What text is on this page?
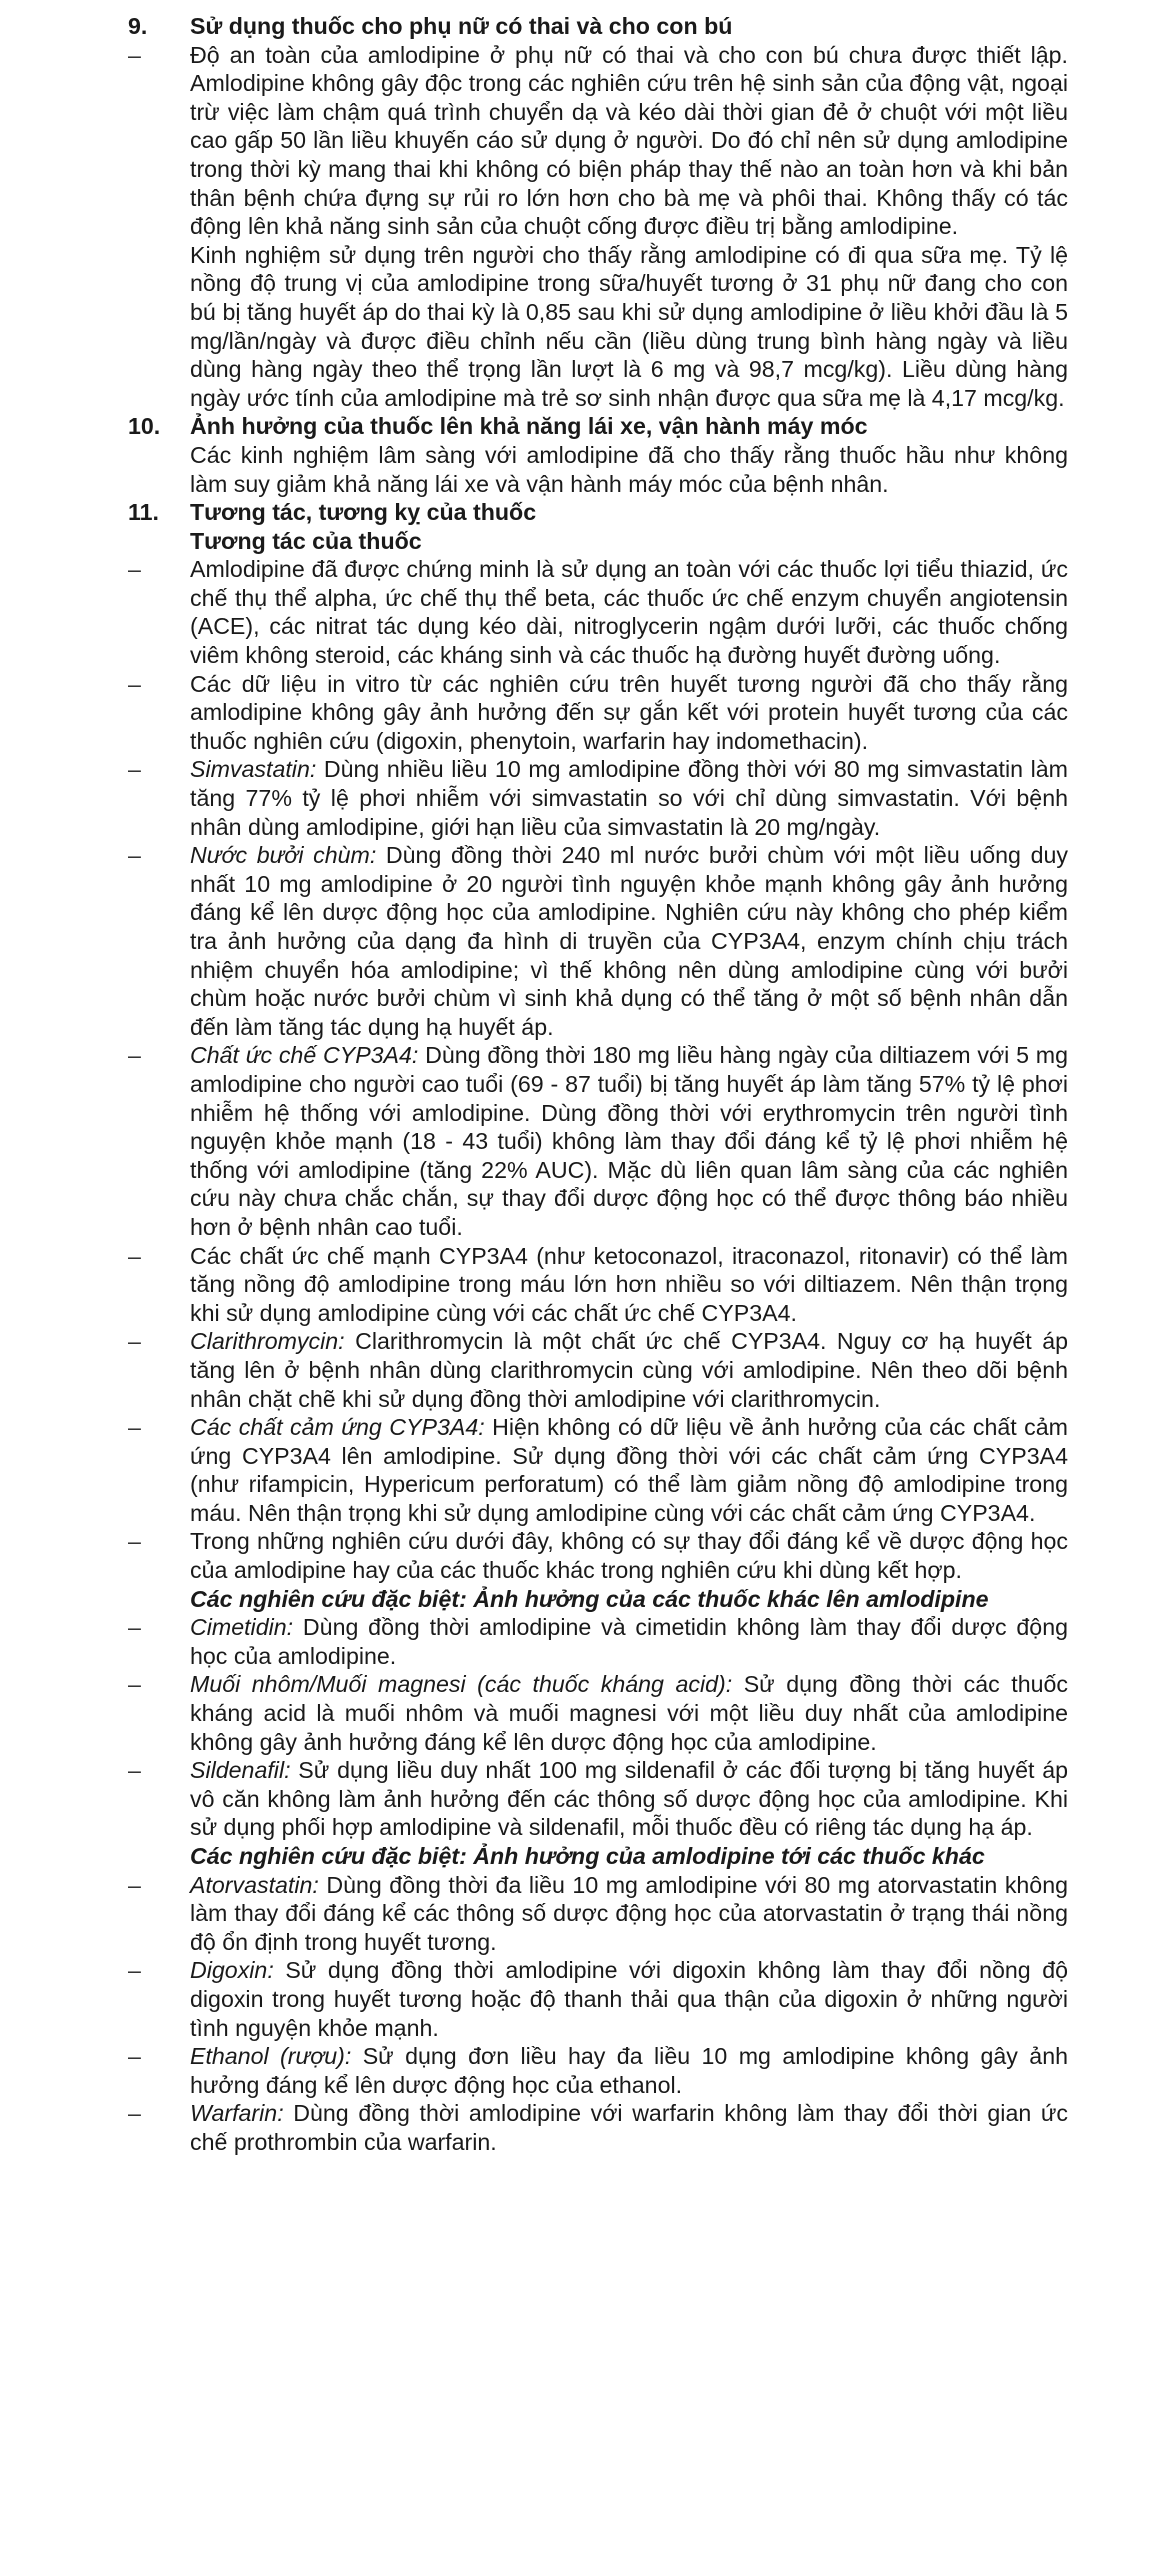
9.	Sử dụng thuốc cho phụ nữ có thai và cho con bú
–	Độ an toàn của amlodipine ở phụ nữ có thai và cho con bú chưa được thiết lập. Amlodipine không gây độc trong các nghiên cứu trên hệ sinh sản của động vật, ngoại trừ việc làm chậm quá trình chuyển dạ và kéo dài thời gian đẻ ở chuột với một liều cao gấp 50 lần liều khuyến cáo sử dụng ở người. Do đó chỉ nên sử dụng amlodipine trong thời kỳ mang thai khi không có biện pháp thay thế nào an toàn hơn và khi bản thân bệnh chứa đựng sự rủi ro lớn hơn cho bà mẹ và phôi thai. Không thấy có tác động lên khả năng sinh sản của chuột cống được điều trị bằng amlodipine.
Kinh nghiệm sử dụng trên người cho thấy rằng amlodipine có đi qua sữa mẹ. Tỷ lệ nồng độ trung vị của amlodipine trong sữa/huyết tương ở 31 phụ nữ đang cho con bú bị tăng huyết áp do thai kỳ là 0,85 sau khi sử dụng amlodipine ở liều khởi đầu là 5 mg/lần/ngày và được điều chỉnh nếu cần (liều dùng trung bình hàng ngày và liều dùng hàng ngày theo thể trọng lần lượt là 6 mg và 98,7 mcg/kg). Liều dùng hàng ngày ước tính của amlodipine mà trẻ sơ sinh nhận được qua sữa mẹ là 4,17 mcg/kg.
10.	Ảnh hưởng của thuốc lên khả năng lái xe, vận hành máy móc
Các kinh nghiệm lâm sàng với amlodipine đã cho thấy rằng thuốc hầu như không làm suy giảm khả năng lái xe và vận hành máy móc của bệnh nhân.
11.	Tương tác, tương kỵ của thuốc
Tương tác của thuốc
–	Amlodipine đã được chứng minh là sử dụng an toàn với các thuốc lợi tiểu thiazid, ức chế thụ thể alpha, ức chế thụ thể beta, các thuốc ức chế enzym chuyển angiotensin (ACE), các nitrat tác dụng kéo dài, nitroglycerin ngậm dưới lưỡi, các thuốc chống viêm không steroid, các kháng sinh và các thuốc hạ đường huyết đường uống.
–	Các dữ liệu in vitro từ các nghiên cứu trên huyết tương người đã cho thấy rằng amlodipine không gây ảnh hưởng đến sự gắn kết với protein huyết tương của các thuốc nghiên cứu (digoxin, phenytoin, warfarin hay indomethacin).
–	Simvastatin: Dùng nhiều liều 10 mg amlodipine đồng thời với 80 mg simvastatin làm tăng 77% tỷ lệ phơi nhiễm với simvastatin so với chỉ dùng simvastatin. Với bệnh nhân dùng amlodipine, giới hạn liều của simvastatin là 20 mg/ngày.
–	Nước bưởi chùm: Dùng đồng thời 240 ml nước bưởi chùm với một liều uống duy nhất 10 mg amlodipine ở 20 người tình nguyện khỏe mạnh không gây ảnh hưởng đáng kể lên dược động học của amlodipine. Nghiên cứu này không cho phép kiểm tra ảnh hưởng của dạng đa hình di truyền của CYP3A4, enzym chính chịu trách nhiệm chuyển hóa amlodipine; vì thế không nên dùng amlodipine cùng với bưởi chùm hoặc nước bưởi chùm vì sinh khả dụng có thể tăng ở một số bệnh nhân dẫn đến làm tăng tác dụng hạ huyết áp.
–	Chất ức chế CYP3A4: Dùng đồng thời 180 mg liều hàng ngày của diltiazem với 5 mg amlodipine cho người cao tuổi (69 - 87 tuổi) bị tăng huyết áp làm tăng 57% tỷ lệ phơi nhiễm hệ thống với amlodipine. Dùng đồng thời với erythromycin trên người tình nguyện khỏe mạnh (18 - 43 tuổi) không làm thay đổi đáng kể tỷ lệ phơi nhiễm hệ thống với amlodipine (tăng 22% AUC). Mặc dù liên quan lâm sàng của các nghiên cứu này chưa chắc chắn, sự thay đổi dược động học có thể được thông báo nhiều hơn ở bệnh nhân cao tuổi.
–	Các chất ức chế mạnh CYP3A4 (như ketoconazol, itraconazol, ritonavir) có thể làm tăng nồng độ amlodipine trong máu lớn hơn nhiều so với diltiazem. Nên thận trọng khi sử dụng amlodipine cùng với các chất ức chế CYP3A4.
–	Clarithromycin: Clarithromycin là một chất ức chế CYP3A4. Nguy cơ hạ huyết áp tăng lên ở bệnh nhân dùng clarithromycin cùng với amlodipine. Nên theo dõi bệnh nhân chặt chẽ khi sử dụng đồng thời amlodipine với clarithromycin.
–	Các chất cảm ứng CYP3A4: Hiện không có dữ liệu về ảnh hưởng của các chất cảm ứng CYP3A4 lên amlodipine. Sử dụng đồng thời với các chất cảm ứng CYP3A4 (như rifampicin, Hypericum perforatum) có thể làm giảm nồng độ amlodipine trong máu. Nên thận trọng khi sử dụng amlodipine cùng với các chất cảm ứng CYP3A4.
–	Trong những nghiên cứu dưới đây, không có sự thay đổi đáng kể về dược động học của amlodipine hay của các thuốc khác trong nghiên cứu khi dùng kết hợp.
Các nghiên cứu đặc biệt: Ảnh hưởng của các thuốc khác lên amlodipine
–	Cimetidin: Dùng đồng thời amlodipine và cimetidin không làm thay đổi dược động học của amlodipine.
–	Muối nhôm/Muối magnesi (các thuốc kháng acid): Sử dụng đồng thời các thuốc kháng acid là muối nhôm và muối magnesi với một liều duy nhất của amlodipine không gây ảnh hưởng đáng kể lên dược động học của amlodipine.
–	Sildenafil: Sử dụng liều duy nhất 100 mg sildenafil ở các đối tượng bị tăng huyết áp vô căn không làm ảnh hưởng đến các thông số dược động học của amlodipine. Khi sử dụng phối hợp amlodipine và sildenafil, mỗi thuốc đều có riêng tác dụng hạ áp.
Các nghiên cứu đặc biệt: Ảnh hưởng của amlodipine tới các thuốc khác
–	Atorvastatin: Dùng đồng thời đa liều 10 mg amlodipine với 80 mg atorvastatin không làm thay đổi đáng kể các thông số dược động học của atorvastatin ở trạng thái nồng độ ổn định trong huyết tương.
–	Digoxin: Sử dụng đồng thời amlodipine với digoxin không làm thay đổi nồng độ digoxin trong huyết tương hoặc độ thanh thải qua thận của digoxin ở những người tình nguyện khỏe mạnh.
–	Ethanol (rượu): Sử dụng đơn liều hay đa liều 10 mg amlodipine không gây ảnh hưởng đáng kể lên dược động học của ethanol.
–	Warfarin: Dùng đồng thời amlodipine với warfarin không làm thay đổi thời gian ức chế prothrombin của warfarin.
